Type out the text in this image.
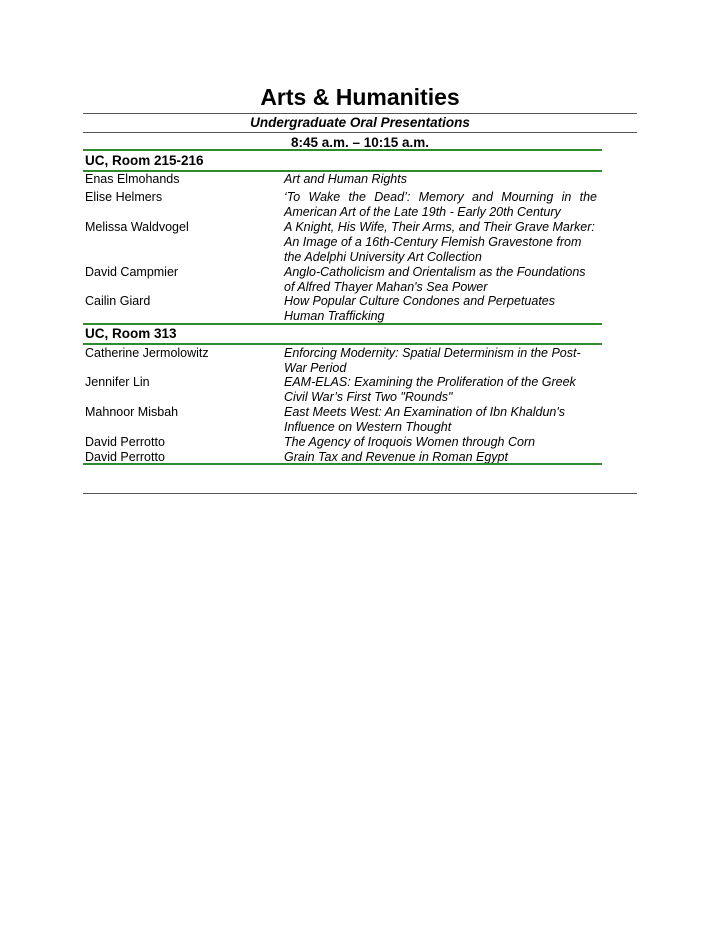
Arts & Humanities
Undergraduate Oral Presentations
8:45 a.m. – 10:15 a.m.
UC, Room 215-216
Enas Elmohands	Art and Human Rights
Elise Helmers	‘To Wake the Dead’: Memory and Mourning in the American Art of the Late 19th - Early 20th Century
Melissa Waldvogel	A Knight, His Wife, Their Arms, and Their Grave Marker: An Image of a 16th-Century Flemish Gravestone from the Adelphi University Art Collection
David Campmier	Anglo-Catholicism and Orientalism as the Foundations of Alfred Thayer Mahan's Sea Power
Cailin Giard	How Popular Culture Condones and Perpetuates Human Trafficking
UC, Room 313
Catherine Jermolowitz	Enforcing Modernity: Spatial Determinism in the Post-War Period
Jennifer Lin	EAM-ELAS: Examining the Proliferation of the Greek Civil War’s First Two "Rounds"
Mahnoor Misbah	East Meets West: An Examination of Ibn Khaldun's Influence on Western Thought
David Perrotto	The Agency of Iroquois Women through Corn
David Perrotto	Grain Tax and Revenue in Roman Egypt
